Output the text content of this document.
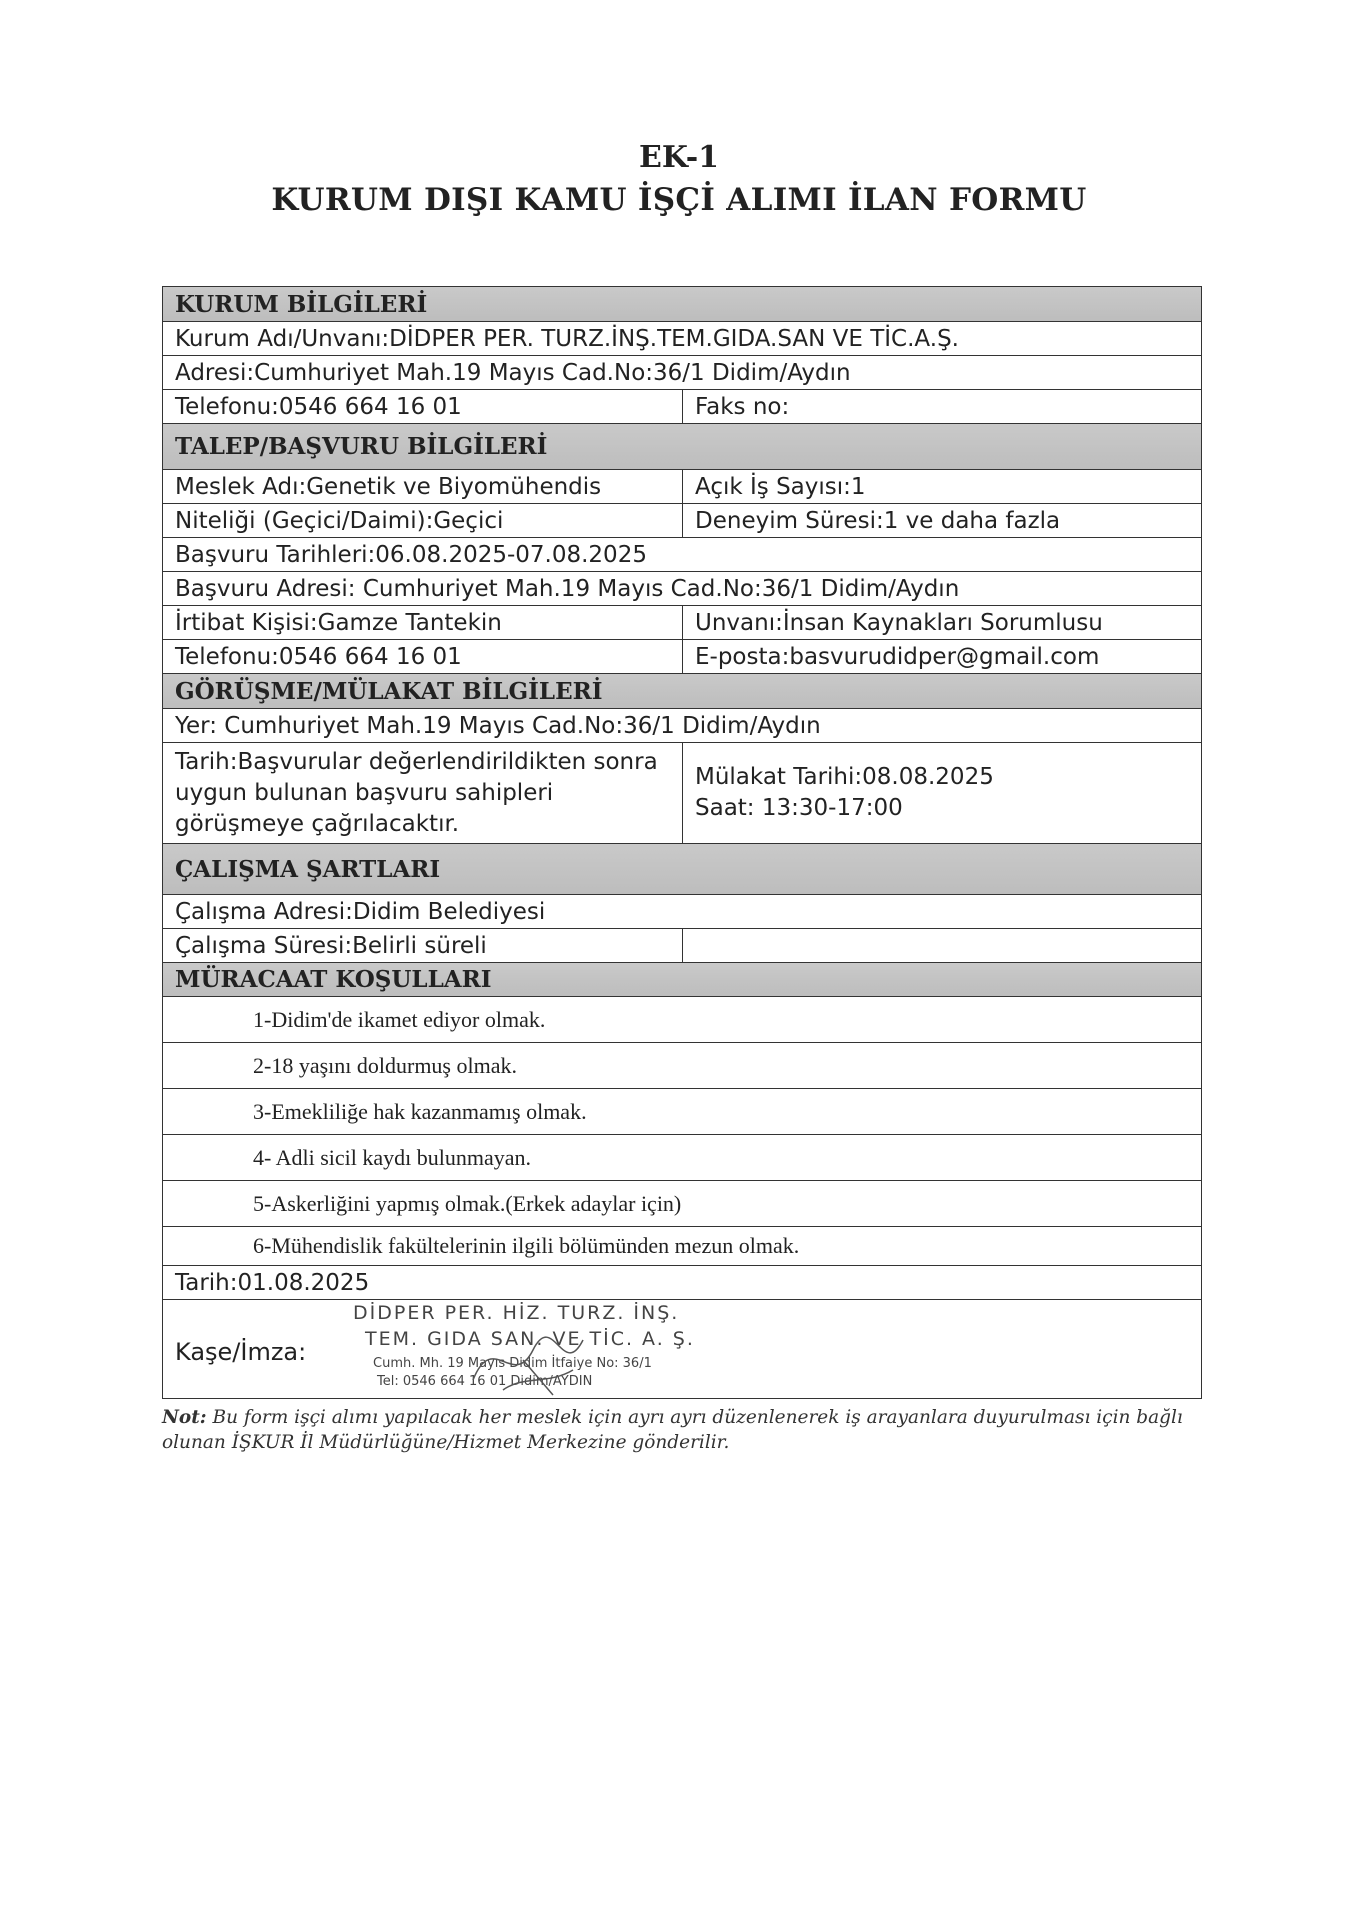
EK-1
KURUM DIŞI KAMU İŞÇİ ALIMI İLAN FORMU
KURUM BİLGİLERİ
Kurum Adı/Unvanı:DİDPER PER. TURZ.İNŞ.TEM.GIDA.SAN VE TİC.A.Ş.
Adresi:Cumhuriyet Mah.19 Mayıs Cad.No:36/1 Didim/Aydın
Telefonu:0546 664 16 01	Faks no:
TALEP/BAŞVURU BİLGİLERİ
Meslek Adı:Genetik ve Biyomühendis	Açık İş Sayısı:1
Niteliği (Geçici/Daimi):Geçici	Deneyim Süresi:1 ve daha fazla
Başvuru Tarihleri:06.08.2025-07.08.2025
Başvuru Adresi: Cumhuriyet Mah.19 Mayıs Cad.No:36/1 Didim/Aydın
İrtibat Kişisi:Gamze Tantekin	Unvanı:İnsan Kaynakları Sorumlusu
Telefonu:0546 664 16 01	E-posta:basvurudidper@gmail.com
GÖRÜŞME/MÜLAKAT BİLGİLERİ
Yer: Cumhuriyet Mah.19 Mayıs Cad.No:36/1 Didim/Aydın
Tarih:Başvurular değerlendirildikten sonra uygun bulunan başvuru sahipleri görüşmeye çağrılacaktır.
Mülakat Tarihi:08.08.2025
Saat: 13:30-17:00
ÇALIŞMA ŞARTLARI
Çalışma Adresi:Didim Belediyesi
Çalışma Süresi:Belirli süreli
MÜRACAAT KOŞULLARI
1-Didim'de ikamet ediyor olmak.
2-18 yaşını doldurmuş olmak.
3-Emekliliğe hak kazanmamış olmak.
4- Adli sicil kaydı bulunmayan.
5-Askerliğini yapmış olmak.(Erkek adaylar için)
6-Mühendislik fakültelerinin ilgili bölümünden mezun olmak.
Tarih:01.08.2025
Kaşe/İmza:
DİDPER PER. HİZ. TURZ. İNŞ.
TEM. GIDA SAN. VE TİC. A. Ş.
Cumh. Mh. 19 Mayıs Didim İtfaiye No: 36/1
Tel: 0546 664 16 01 Didim/AYDIN
Not: Bu form işçi alımı yapılacak her meslek için ayrı ayrı düzenlenerek iş arayanlara duyurulması için bağlı olunan İŞKUR İl Müdürlüğüne/Hizmet Merkezine gönderilir.
